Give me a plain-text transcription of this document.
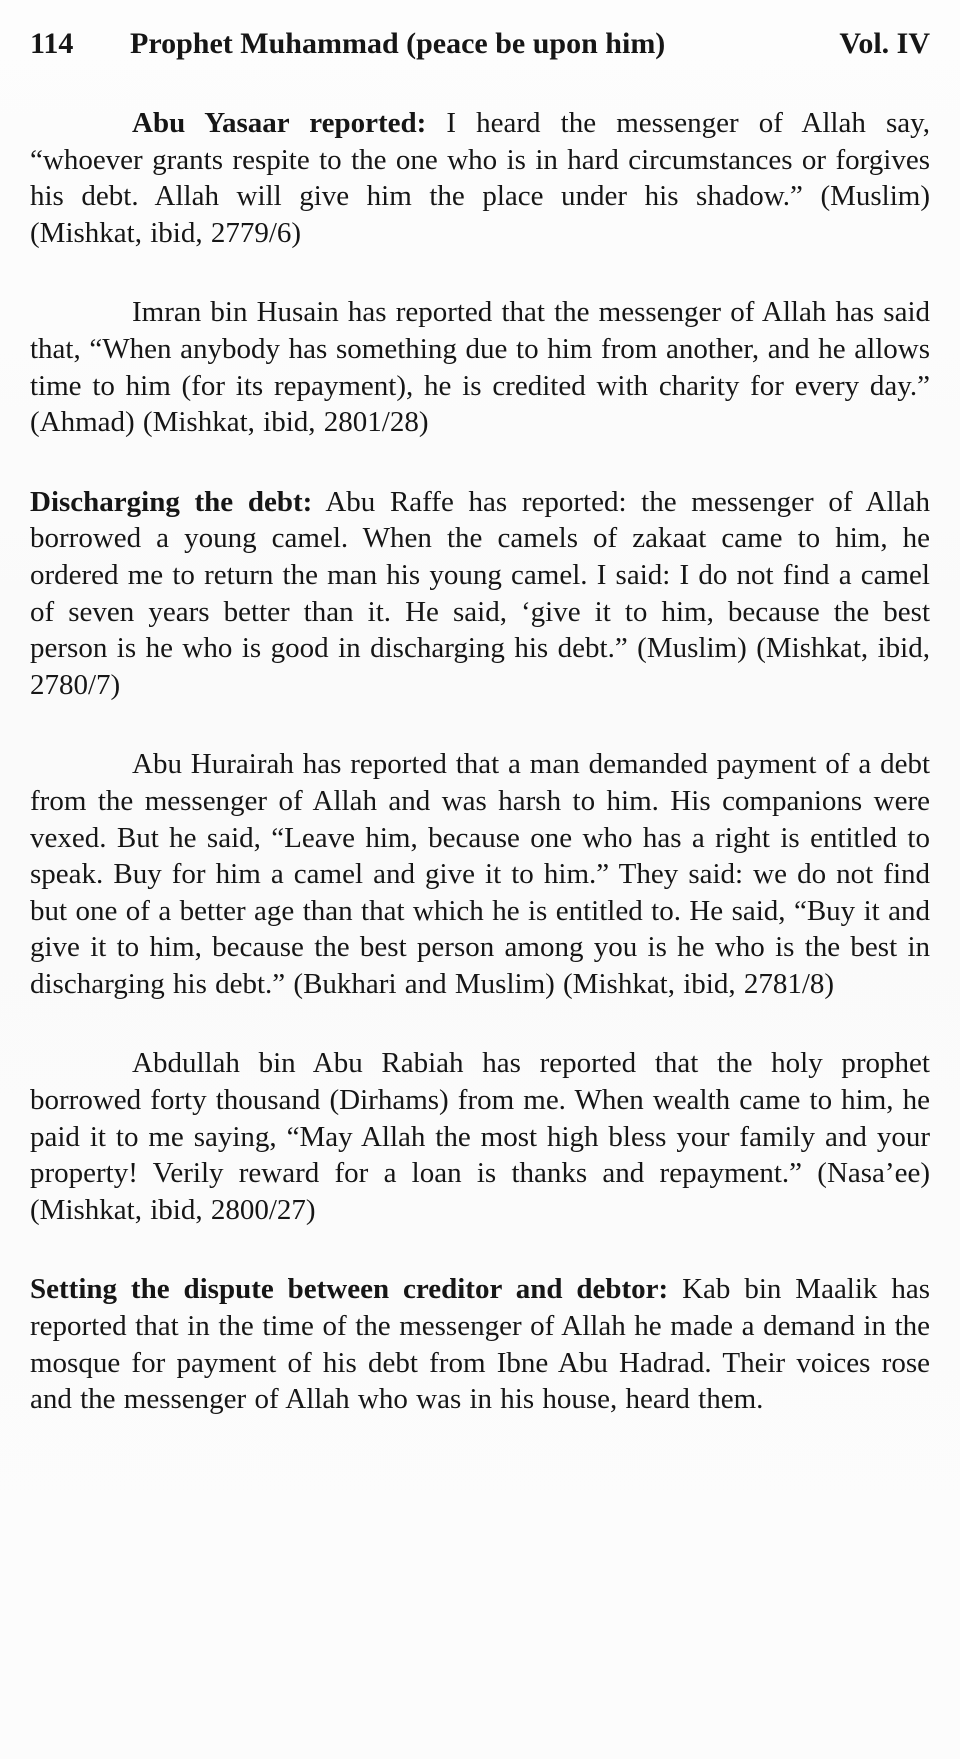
114	Prophet Muhammad (peace be upon him)	Vol. IV

Abu Yasaar reported: I heard the messenger of Allah say, “whoever grants respite to the one who is in hard circumstances or forgives his debt. Allah will give him the place under his shadow.” (Muslim) (Mishkat, ibid, 2779/6)

Imran bin Husain has reported that the messenger of Allah has said that, “When anybody has something due to him from another, and he allows time to him (for its repayment), he is credited with charity for every day.” (Ahmad) (Mishkat, ibid, 2801/28)

Discharging the debt: Abu Raffe has reported: the messenger of Allah borrowed a young camel. When the camels of zakaat came to him, he ordered me to return the man his young camel. I said: I do not find a camel of seven years better than it. He said, ‘give it to him, because the best person is he who is good in discharging his debt.” (Muslim) (Mishkat, ibid, 2780/7)

Abu Hurairah has reported that a man demanded payment of a debt from the messenger of Allah and was harsh to him. His companions were vexed. But he said, “Leave him, because one who has a right is entitled to speak. Buy for him a camel and give it to him.” They said: we do not find but one of a better age than that which he is entitled to. He said, “Buy it and give it to him, because the best person among you is he who is the best in discharging his debt.” (Bukhari and Muslim) (Mishkat, ibid, 2781/8)

Abdullah bin Abu Rabiah has reported that the holy prophet borrowed forty thousand (Dirhams) from me. When wealth came to him, he paid it to me saying, “May Allah the most high bless your family and your property! Verily reward for a loan is thanks and repayment.” (Nasa’ee) (Mishkat, ibid, 2800/27)

Setting the dispute between creditor and debtor: Kab bin Maalik has reported that in the time of the messenger of Allah he made a demand in the mosque for payment of his debt from Ibne Abu Hadrad. Their voices rose and the messenger of Allah who was in his house, heard them.
